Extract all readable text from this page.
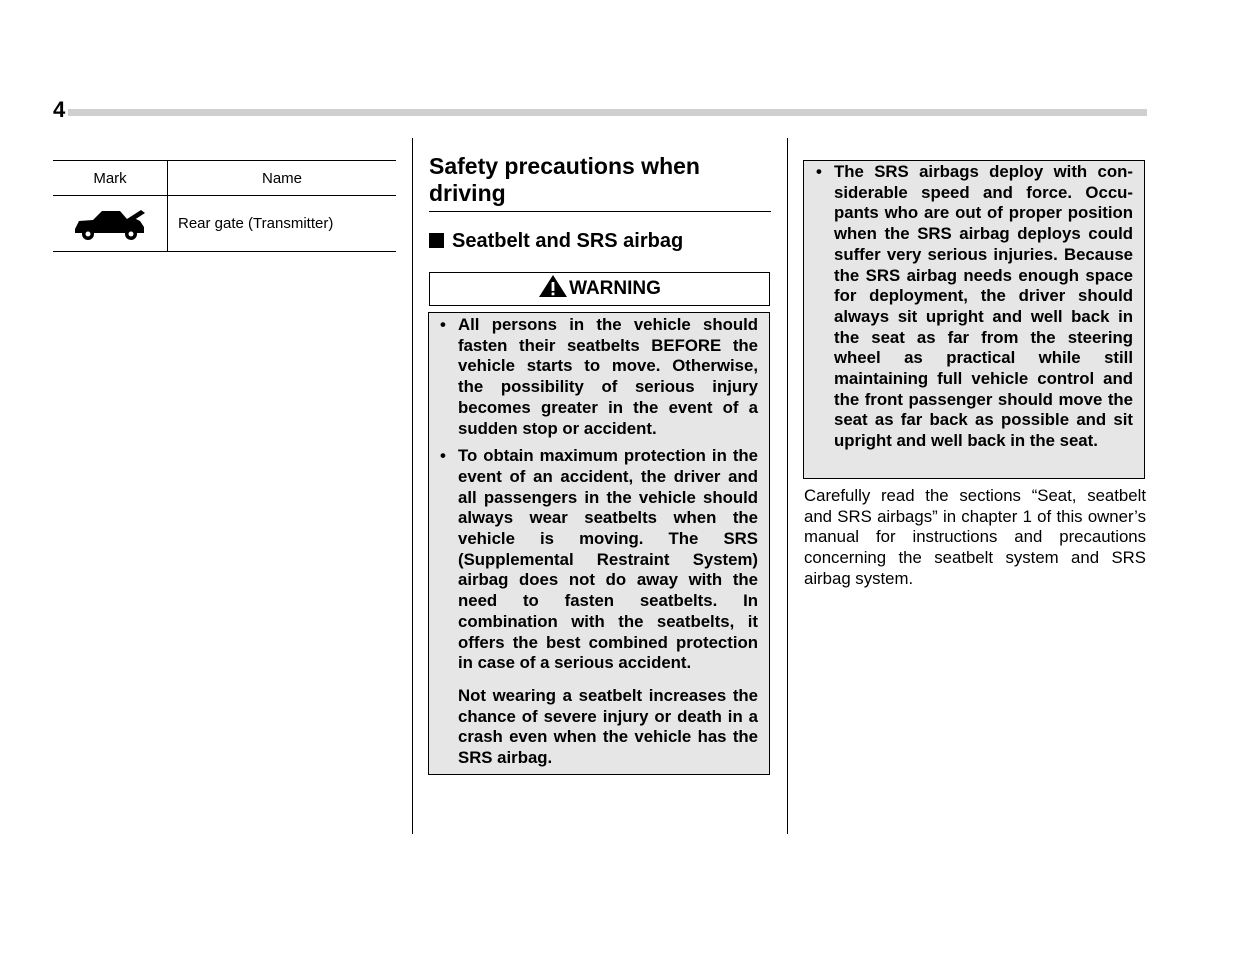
4
Mark	Name
	Rear gate (Transmitter)
Safety precautions when driving
Seatbelt and SRS airbag
WARNING
• All persons in the vehicle should fasten their seatbelts BEFORE the vehicle starts to move. Otherwise, the possibility of serious injury becomes greater in the event of a sudden stop or accident.
• To obtain maximum protection in the event of an accident, the driver and all passengers in the vehicle should always wear seatbelts when the vehicle is moving. The SRS (Supplemental Restraint System) airbag does not do away with the need to fasten seatbelts. In combination with the seatbelts, it offers the best combined protection in case of a serious accident.
Not wearing a seatbelt increases the chance of severe injury or death in a crash even when the vehicle has the SRS airbag.
• The SRS airbags deploy with considerable speed and force. Occupants who are out of proper position when the SRS airbag deploys could suffer very serious injuries. Because the SRS airbag needs enough space for deployment, the driver should always sit upright and well back in the seat as far from the steering wheel as practical while still maintaining full vehicle control and the front passenger should move the seat as far back as possible and sit upright and well back in the seat.

Carefully read the sections “Seat, seatbelt and SRS airbags” in chapter 1 of this owner’s manual for instructions and precautions concerning the seatbelt system and SRS airbag system.
